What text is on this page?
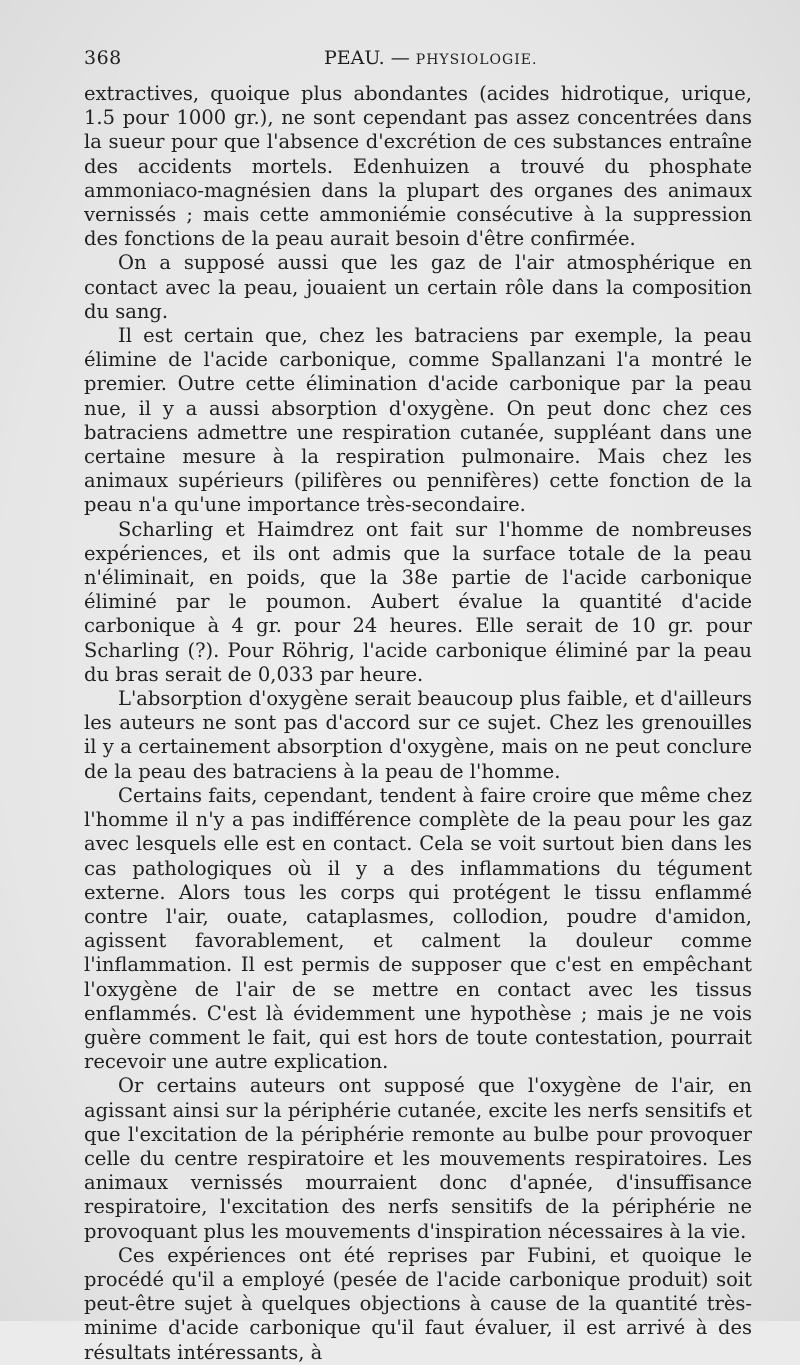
368	PEAU. — PHYSIOLOGIE.

extractives, quoique plus abondantes (acides hidrotique, urique, 1.5 pour 1000 gr.), ne sont cependant pas assez concentrées dans la sueur pour que l'absence d'excrétion de ces substances entraîne des accidents mortels. Edenhuizen a trouvé du phosphate ammoniaco-magnésien dans la plupart des organes des animaux vernissés ; mais cette ammoniémie consécutive à la suppression des fonctions de la peau aurait besoin d'être confirmée.

On a supposé aussi que les gaz de l'air atmosphérique en contact avec la peau, jouaient un certain rôle dans la composition du sang.

Il est certain que, chez les batraciens par exemple, la peau élimine de l'acide carbonique, comme Spallanzani l'a montré le premier. Outre cette élimination d'acide carbonique par la peau nue, il y a aussi absorption d'oxygène. On peut donc chez ces batraciens admettre une respiration cutanée, suppléant dans une certaine mesure à la respiration pulmonaire. Mais chez les animaux supérieurs (pilifères ou pennifères) cette fonction de la peau n'a qu'une importance très-secondaire.

Scharling et Haimdrez ont fait sur l'homme de nombreuses expériences, et ils ont admis que la surface totale de la peau n'éliminait, en poids, que la 38e partie de l'acide carbonique éliminé par le poumon. Aubert évalue la quantité d'acide carbonique à 4 gr. pour 24 heures. Elle serait de 10 gr. pour Scharling (?). Pour Röhrig, l'acide carbonique éliminé par la peau du bras serait de 0,033 par heure.

L'absorption d'oxygène serait beaucoup plus faible, et d'ailleurs les auteurs ne sont pas d'accord sur ce sujet. Chez les grenouilles il y a certainement absorption d'oxygène, mais on ne peut conclure de la peau des batraciens à la peau de l'homme.

Certains faits, cependant, tendent à faire croire que même chez l'homme il n'y a pas indifférence complète de la peau pour les gaz avec lesquels elle est en contact. Cela se voit surtout bien dans les cas pathologiques où il y a des inflammations du tégument externe. Alors tous les corps qui protégent le tissu enflammé contre l'air, ouate, cataplasmes, collodion, poudre d'amidon, agissent favorablement, et calment la douleur comme l'inflammation. Il est permis de supposer que c'est en empêchant l'oxygène de l'air de se mettre en contact avec les tissus enflammés. C'est là évidemment une hypothèse ; mais je ne vois guère comment le fait, qui est hors de toute contestation, pourrait recevoir une autre explication.

Or certains auteurs ont supposé que l'oxygène de l'air, en agissant ainsi sur la périphérie cutanée, excite les nerfs sensitifs et que l'excitation de la périphérie remonte au bulbe pour provoquer celle du centre respiratoire et les mouvements respiratoires. Les animaux vernissés mourraient donc d'apnée, d'insuffisance respiratoire, l'excitation des nerfs sensitifs de la périphérie ne provoquant plus les mouvements d'inspiration nécessaires à la vie.

Ces expériences ont été reprises par Fubini, et quoique le procédé qu'il a employé (pesée de l'acide carbonique produit) soit peut-être sujet à quelques objections à cause de la quantité très-minime d'acide carbonique qu'il faut évaluer, il est arrivé à des résultats intéressants, à
